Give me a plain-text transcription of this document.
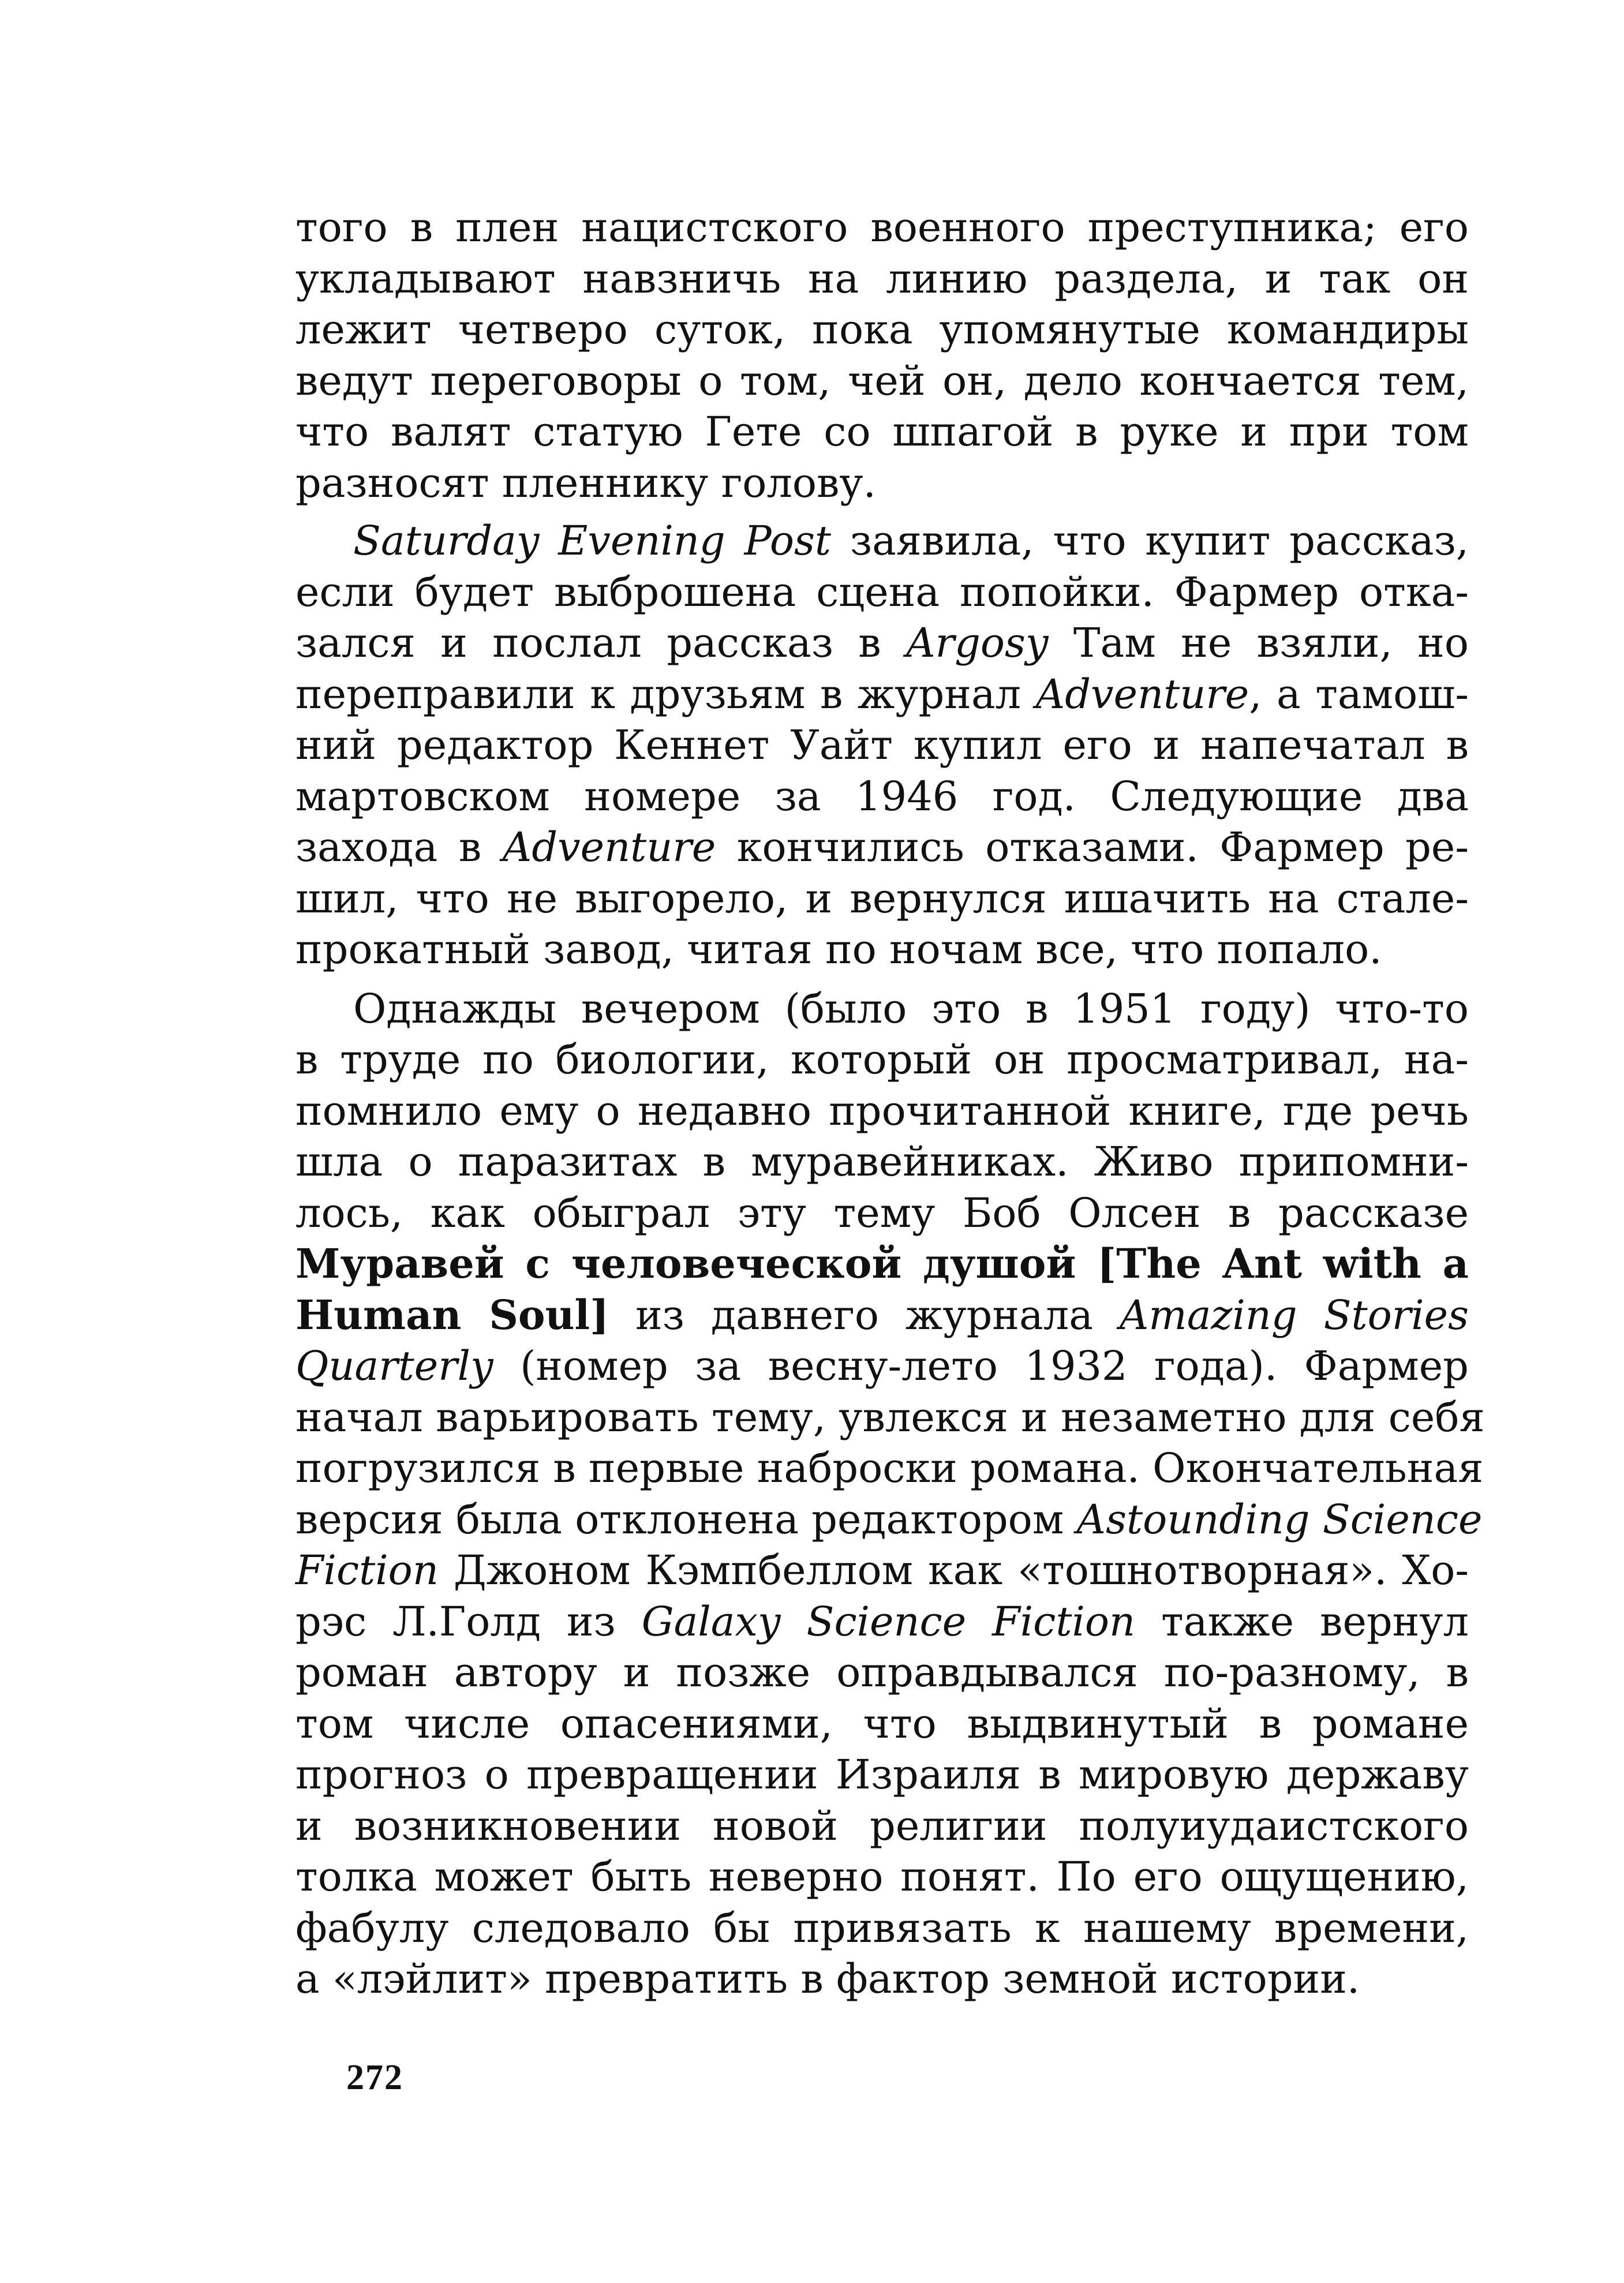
того в плен нацистского военного преступника; его
укладывают навзничь на линию раздела, и так он
лежит четверо суток, пока упомянутые командиры
ведут переговоры о том, чей он, дело кончается тем,
что валят статую Гете со шпагой в руке и при том
разносят пленнику голову.

Saturday Evening Post заявила, что купит рассказ,
если будет выброшена сцена попойки. Фармер отка-
зался и послал рассказ в Argosy Там не взяли, но
переправили к друзьям в журнал Adventure, а тамош-
ний редактор Кеннет Уайт купил его и напечатал в
мартовском номере за 1946 год. Следующие два
захода в Adventure кончились отказами. Фармер ре-
шил, что не выгорело, и вернулся ишачить на стале-
прокатный завод, читая по ночам все, что попало.

Однажды вечером (было это в 1951 году) что-то
в труде по биологии, который он просматривал, на-
помнило ему о недавно прочитанной книге, где речь
шла о паразитах в муравейниках. Живо припомни-
лось, как обыграл эту тему Боб Олсен в рассказе
Муравей с человеческой душой [The Ant with a
Human Soul] из давнего журнала Amazing Stories
Quarterly (номер за весну-лето 1932 года). Фармер
начал варьировать тему, увлекся и незаметно для себя
погрузился в первые наброски романа. Окончательная
версия была отклонена редактором Astounding Science
Fiction Джоном Кэмпбеллом как «тошнотворная». Хо-
рэс Л.Голд из Galaxy Science Fiction также вернул
роман автору и позже оправдывался по-разному, в
том числе опасениями, что выдвинутый в романе
прогноз о превращении Израиля в мировую державу
и возникновении новой религии полуиудаистского
толка может быть неверно понят. По его ощущению,
фабулу следовало бы привязать к нашему времени,
а «лэйлит» превратить в фактор земной истории.

272
